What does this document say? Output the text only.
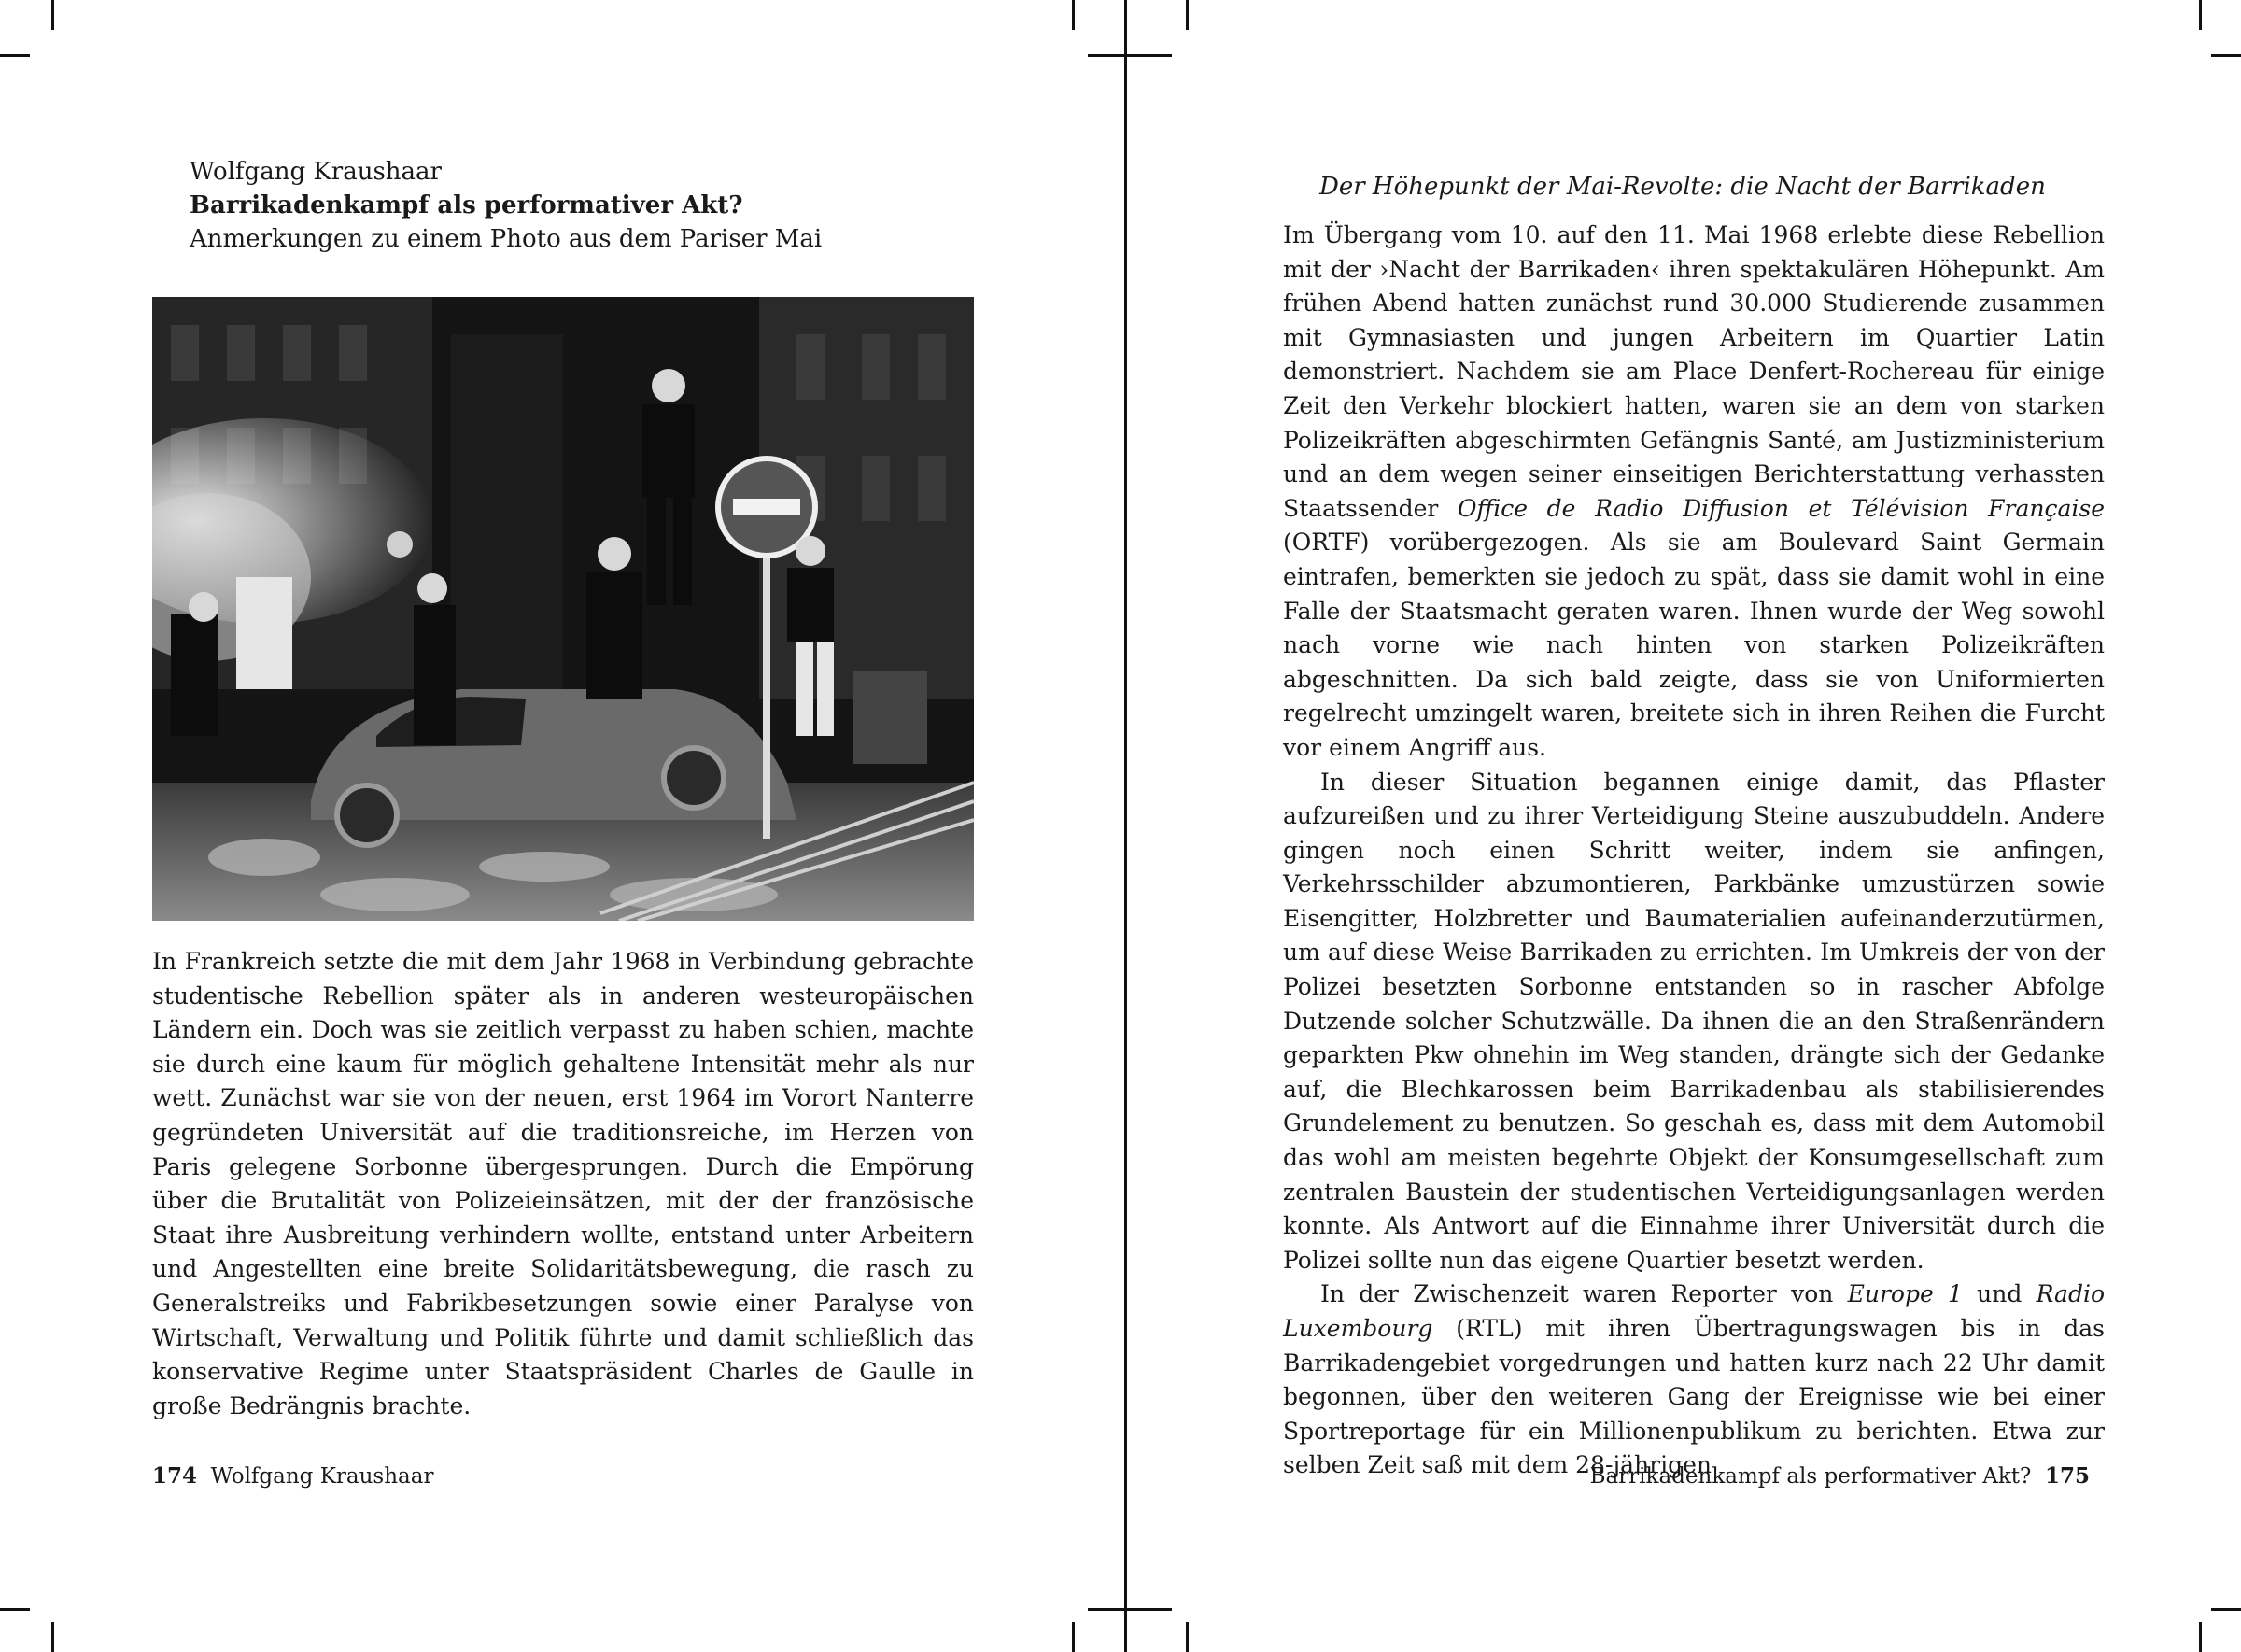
Wolfgang Kraushaar
Barrikadenkampf als performativer Akt?
Anmerkungen zu einem Photo aus dem Pariser Mai

In Frankreich setzte die mit dem Jahr 1968 in Verbindung gebrachte studentische Rebellion später als in anderen westeuropäischen Ländern ein. Doch was sie zeitlich verpasst zu haben schien, machte sie durch eine kaum für möglich gehaltene Intensität mehr als nur wett. Zunächst war sie von der neuen, erst 1964 im Vorort Nanterre gegründeten Universität auf die traditionsreiche, im Herzen von Paris gelegene Sorbonne übergesprungen. Durch die Empörung über die Brutalität von Polizeieinsätzen, mit der der französische Staat ihre Ausbreitung verhindern wollte, entstand unter Arbeitern und Angestellten eine breite Solidaritätsbewegung, die rasch zu Generalstreiks und Fabrikbesetzungen sowie einer Paralyse von Wirtschaft, Verwaltung und Politik führte und damit schließlich das konservative Regime unter Staatspräsident Charles de Gaulle in große Bedrängnis brachte.

174 Wolfgang Kraushaar
Der Höhepunkt der Mai-Revolte: die Nacht der Barrikaden

Im Übergang vom 10. auf den 11. Mai 1968 erlebte diese Rebellion mit der ›Nacht der Barrikaden‹ ihren spektakulären Höhepunkt. Am frühen Abend hatten zunächst rund 30.000 Studierende zusammen mit Gymnasiasten und jungen Arbeitern im Quartier Latin demonstriert. Nachdem sie am Place Denfert-Rochereau für einige Zeit den Verkehr blockiert hatten, waren sie an dem von starken Polizeikräften abgeschirmten Gefängnis Santé, am Justizministerium und an dem wegen seiner einseitigen Berichterstattung verhassten Staatssender Office de Radio Diffusion et Télévision Française (ORTF) vorübergezogen. Als sie am Boulevard Saint Germain eintrafen, bemerkten sie jedoch zu spät, dass sie damit wohl in eine Falle der Staatsmacht geraten waren. Ihnen wurde der Weg sowohl nach vorne wie nach hinten von starken Polizeikräften abgeschnitten. Da sich bald zeigte, dass sie von Uniformierten regelrecht umzingelt waren, breitete sich in ihren Reihen die Furcht vor einem Angriff aus.

In dieser Situation begannen einige damit, das Pflaster aufzureißen und zu ihrer Verteidigung Steine auszubuddeln. Andere gingen noch einen Schritt weiter, indem sie anfingen, Verkehrsschilder abzumontieren, Parkbänke umzustürzen sowie Eisengitter, Holzbretter und Baumaterialien aufeinanderzutürmen, um auf diese Weise Barrikaden zu errichten. Im Umkreis der von der Polizei besetzten Sorbonne entstanden so in rascher Abfolge Dutzende solcher Schutzwälle. Da ihnen die an den Straßenrändern geparkten Pkw ohnehin im Weg standen, drängte sich der Gedanke auf, die Blechkarossen beim Barrikadenbau als stabilisierendes Grundelement zu benutzen. So geschah es, dass mit dem Automobil das wohl am meisten begehrte Objekt der Konsumgesellschaft zum zentralen Baustein der studentischen Verteidigungsanlagen werden konnte. Als Antwort auf die Einnahme ihrer Universität durch die Polizei sollte nun das eigene Quartier besetzt werden.

In der Zwischenzeit waren Reporter von Europe 1 und Radio Luxembourg (RTL) mit ihren Übertragungswagen bis in das Barrikadengebiet vorgedrungen und hatten kurz nach 22 Uhr damit begonnen, über den weiteren Gang der Ereignisse wie bei einer Sportreportage für ein Millionenpublikum zu berichten. Etwa zur selben Zeit saß mit dem 28-jährigen

Barrikadenkampf als performativer Akt? 175
